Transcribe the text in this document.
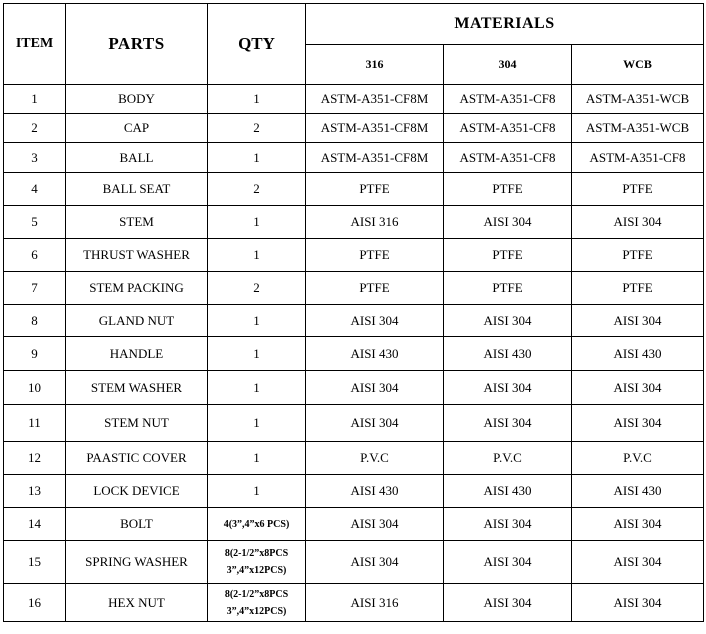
ITEM	PARTS	QTY	MATERIALS		
			316	304	WCB
1	BODY	1	ASTM-A351-CF8M	ASTM-A351-CF8	ASTM-A351-WCB
2	CAP	2	ASTM-A351-CF8M	ASTM-A351-CF8	ASTM-A351-WCB
3	BALL	1	ASTM-A351-CF8M	ASTM-A351-CF8	ASTM-A351-CF8
4	BALL SEAT	2	PTFE	PTFE	PTFE
5	STEM	1	AISI 316	AISI 304	AISI 304
6	THRUST WASHER	1	PTFE	PTFE	PTFE
7	STEM PACKING	2	PTFE	PTFE	PTFE
8	GLAND NUT	1	AISI 304	AISI 304	AISI 304
9	HANDLE	1	AISI 430	AISI 430	AISI 430
10	STEM WASHER	1	AISI 304	AISI 304	AISI 304
11	STEM NUT	1	AISI 304	AISI 304	AISI 304
12	PAASTIC COVER	1	P.V.C	P.V.C	P.V.C
13	LOCK DEVICE	1	AISI 430	AISI 430	AISI 430
14	BOLT	4(3”,4”x6 PCS)	AISI 304	AISI 304	AISI 304
15	SPRING WASHER	8(2-1/2”x8PCS
3”,4”x12PCS)	AISI 304	AISI 304	AISI 304
16	HEX NUT	8(2-1/2”x8PCS
3”,4”x12PCS)	AISI 316	AISI 304	AISI 304
